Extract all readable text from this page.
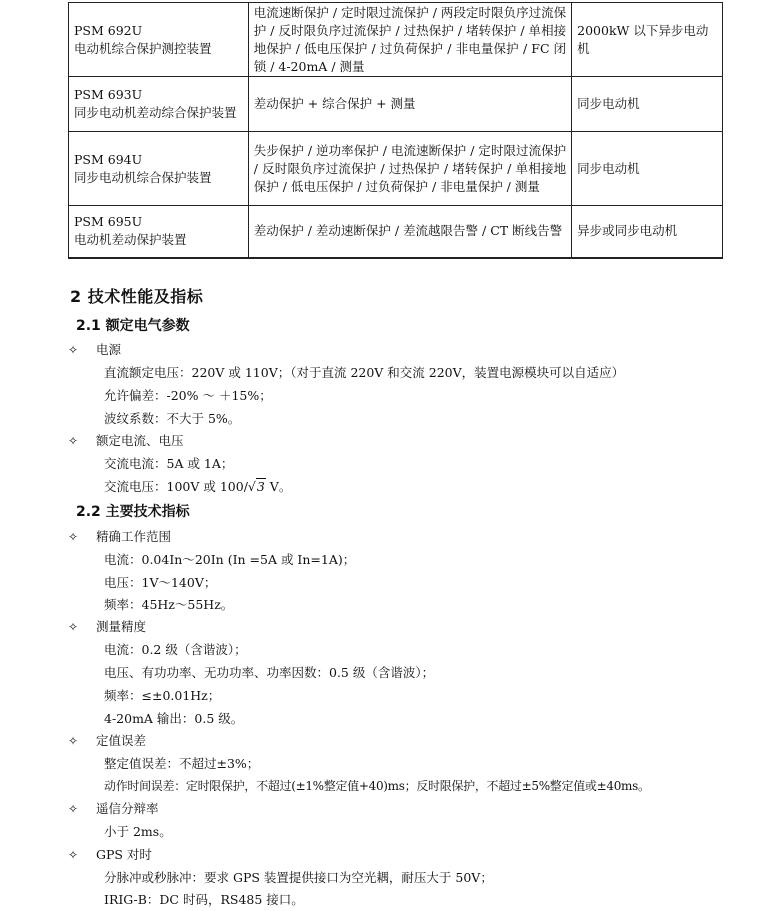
PSM 692U
电动机综合保护测控装置	电流速断保护 / 定时限过流保护 / 两段定时限负序过流保护 / 反时限负序过流保护 / 过热保护 / 堵转保护 / 单相接地保护 / 低电压保护 / 过负荷保护 / 非电量保护 / FC 闭锁 / 4-20mA / 测量	2000kW 以下异步电动机

PSM 693U
同步电动机差动综合保护装置	差动保护 + 综合保护 + 测量	同步电动机

PSM 694U
同步电动机综合保护装置	失步保护 / 逆功率保护 / 电流速断保护 / 定时限过流保护 / 反时限负序过流保护 / 过热保护 / 堵转保护 / 单相接地保护 / 低电压保护 / 过负荷保护 / 非电量保护 / 测量	同步电动机

PSM 695U
电动机差动保护装置	差动保护 / 差动速断保护 / 差流越限告警 / CT 断线告警	异步或同步电动机
2 技术性能及指标
2.1 额定电气参数
✧ 电源
直流额定电压：220V 或 110V；（对于直流 220V 和交流 220V，装置电源模块可以自适应）
允许偏差：-20% ～ ＋15%；
波纹系数：不大于 5%。
✧ 额定电流、电压
交流电流：5A 或 1A；
交流电压：100V 或 100/√3 V。
2.2 主要技术指标
✧ 精确工作范围
电流：0.04In～20In (In =5A 或 In=1A)；
电压：1V～140V；
频率：45Hz～55Hz。
✧ 测量精度
电流：0.2 级（含谐波）；
电压、有功功率、无功功率、功率因数：0.5 级（含谐波）；
频率：≤±0.01Hz；
4-20mA 输出：0.5 级。
✧ 定值误差
整定值误差：不超过±3%；
动作时间误差：定时限保护，不超过(±1%整定值+40)ms；反时限保护，不超过±5%整定值或±40ms。
✧ 遥信分辩率
小于 2ms。
✧ GPS 对时
分脉冲或秒脉冲：要求 GPS 装置提供接口为空光耦，耐压大于 50V；
IRIG-B：DC 时码，RS485 接口。
